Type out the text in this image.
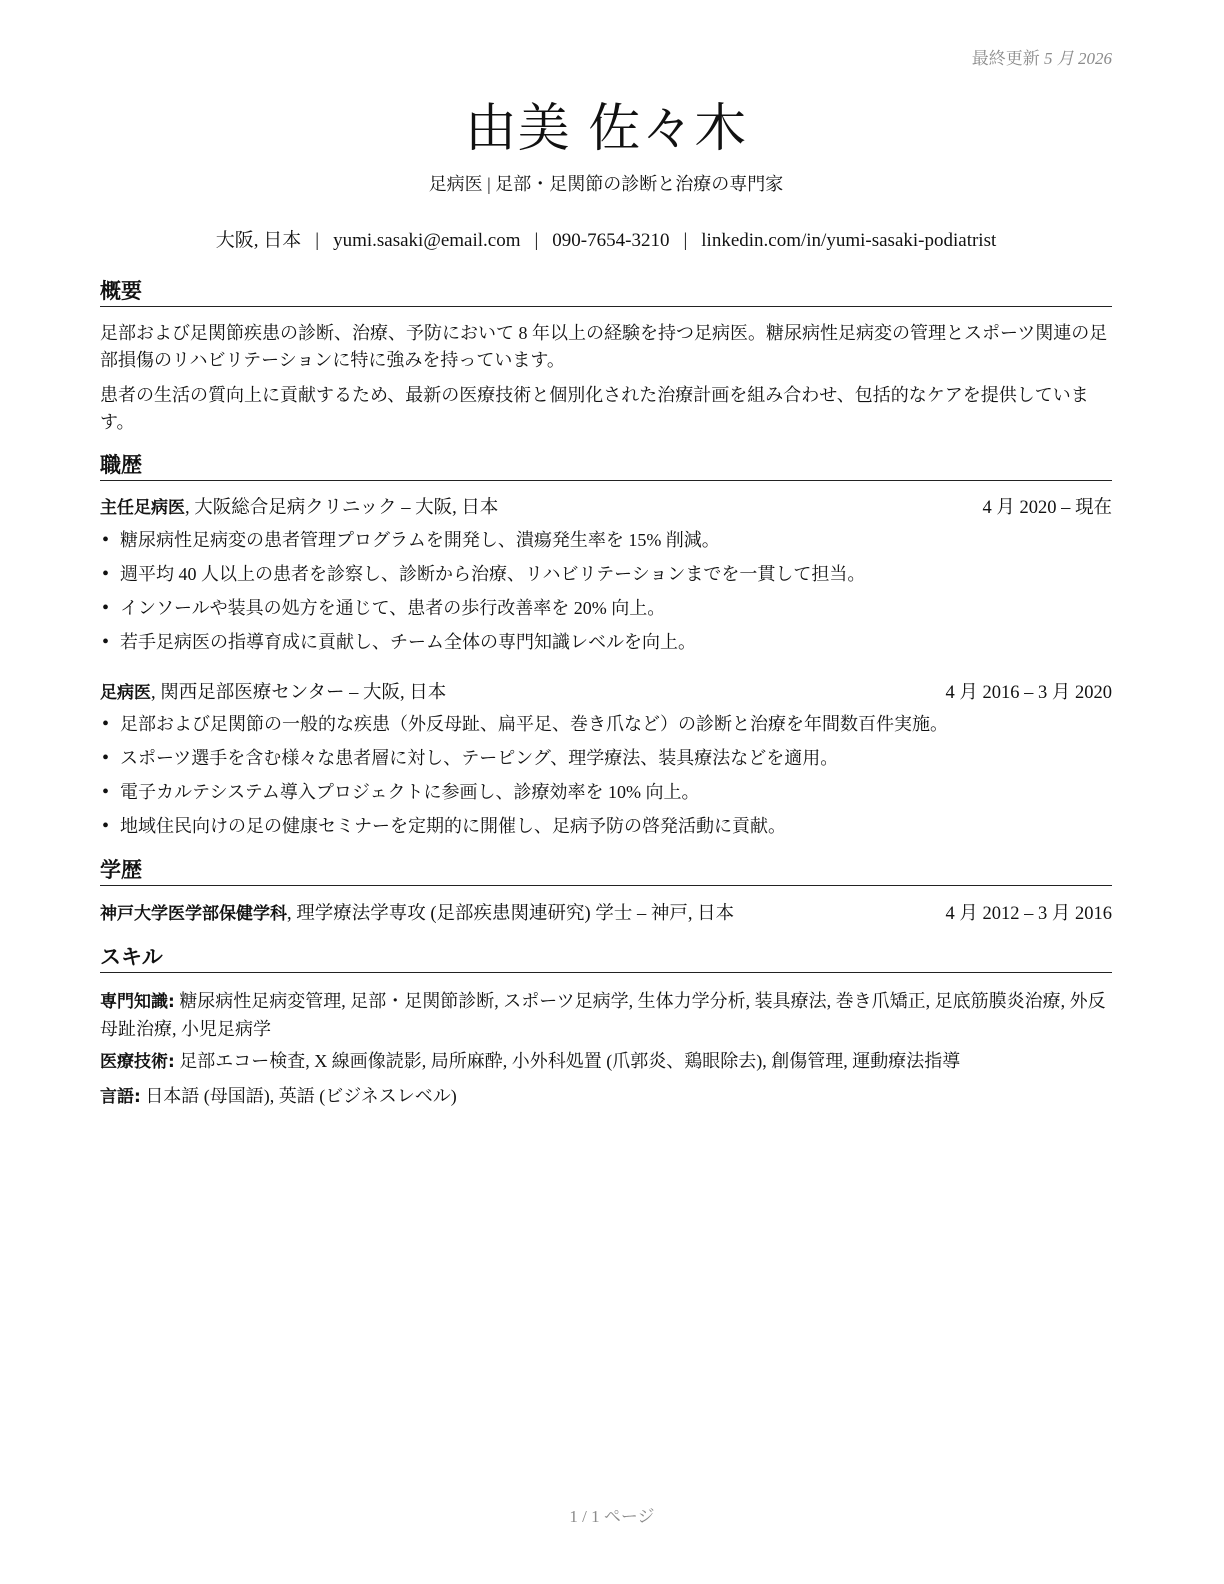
最終更新 5 月 2026
由美 佐々木
足病医 | 足部・足関節の診断と治療の専門家
大阪, 日本 | yumi.sasaki@email.com | 090-7654-3210 | linkedin.com/in/yumi-sasaki-podiatrist
概要
足部および足関節疾患の診断、治療、予防において 8 年以上の経験を持つ足病医。糖尿病性足病変の管理とスポーツ関連の足部損傷のリハビリテーションに特に強みを持っています。
患者の生活の質向上に貢献するため、最新の医療技術と個別化された治療計画を組み合わせ、包括的なケアを提供しています。
職歴
主任足病医, 大阪総合足病クリニック – 大阪, 日本	4 月 2020 – 現在
• 糖尿病性足病変の患者管理プログラムを開発し、潰瘍発生率を 15% 削減。
• 週平均 40 人以上の患者を診察し、診断から治療、リハビリテーションまでを一貫して担当。
• インソールや装具の処方を通じて、患者の歩行改善率を 20% 向上。
• 若手足病医の指導育成に貢献し、チーム全体の専門知識レベルを向上。
足病医, 関西足部医療センター – 大阪, 日本	4 月 2016 – 3 月 2020
• 足部および足関節の一般的な疾患（外反母趾、扁平足、巻き爪など）の診断と治療を年間数百件実施。
• スポーツ選手を含む様々な患者層に対し、テーピング、理学療法、装具療法などを適用。
• 電子カルテシステム導入プロジェクトに参画し、診療効率を 10% 向上。
• 地域住民向けの足の健康セミナーを定期的に開催し、足病予防の啓発活動に貢献。
学歴
神戸大学医学部保健学科, 理学療法学専攻 (足部疾患関連研究) 学士 – 神戸, 日本	4 月 2012 – 3 月 2016
スキル
専門知識: 糖尿病性足病変管理, 足部・足関節診断, スポーツ足病学, 生体力学分析, 装具療法, 巻き爪矯正, 足底筋膜炎治療, 外反母趾治療, 小児足病学
医療技術: 足部エコー検査, X 線画像読影, 局所麻酔, 小外科処置 (爪郭炎、鶏眼除去), 創傷管理, 運動療法指導
言語: 日本語 (母国語), 英語 (ビジネスレベル)
1 / 1 ページ
